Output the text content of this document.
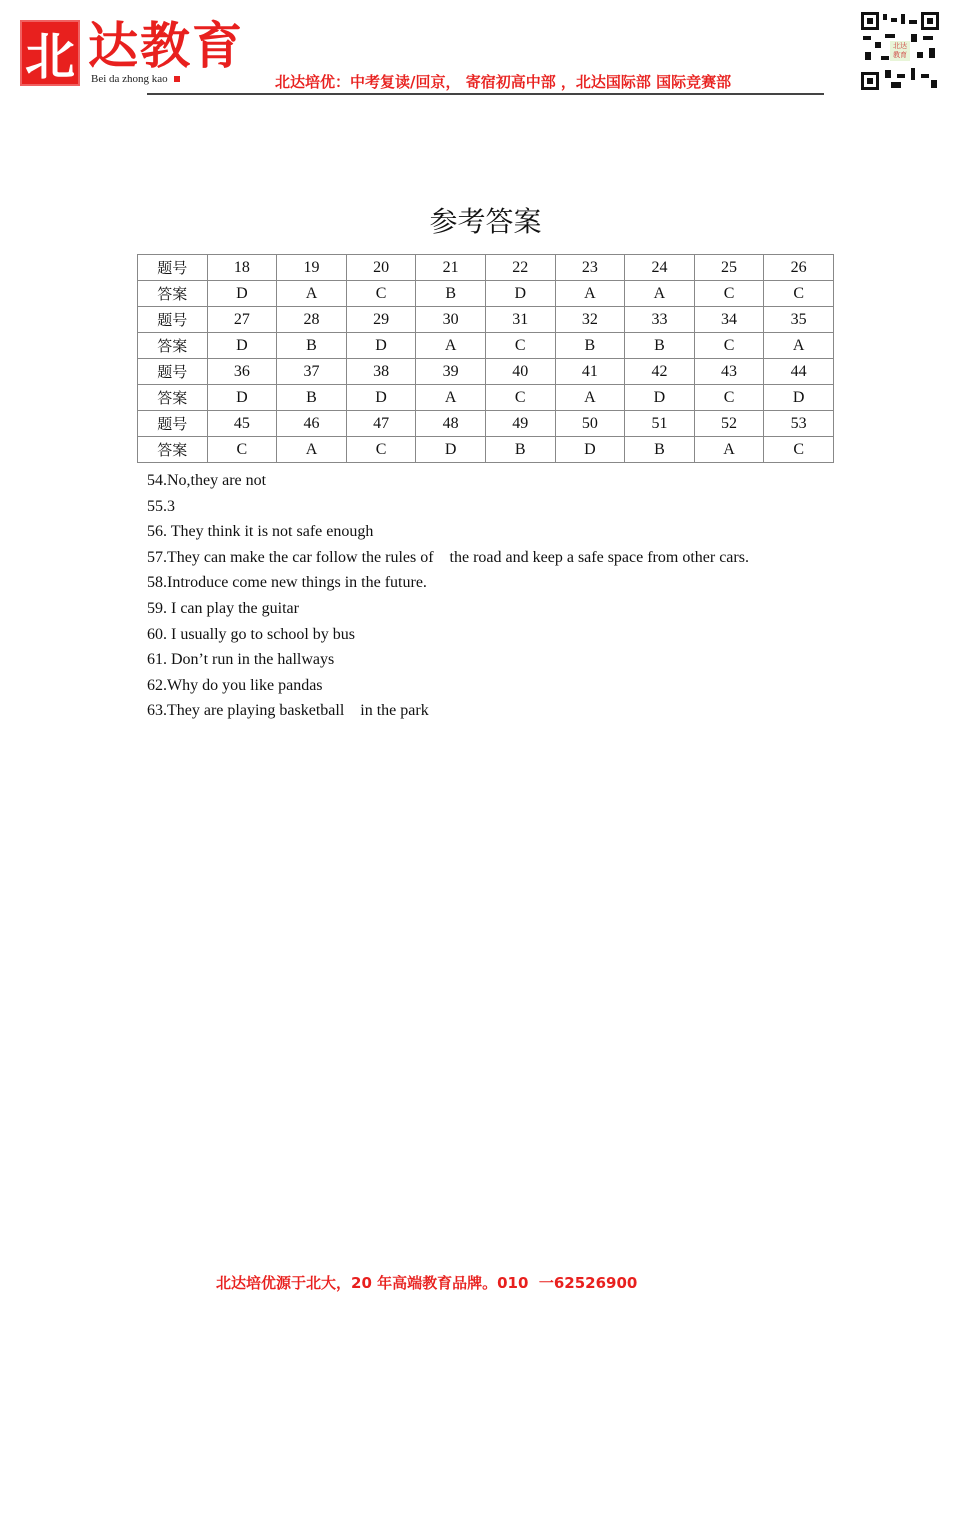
北 达教育
Bei da zhong kao	北达培优：中考复读/回京， 寄宿初高中部 ，北达国际部 国际竞赛部
北达教育
参考答案
题号	18	19	20	21	22	23	24	25	26
答案	D	A	C	B	D	A	A	C	C
题号	27	28	29	30	31	32	33	34	35
答案	D	B	D	A	C	B	B	C	A
题号	36	37	38	39	40	41	42	43	44
答案	D	B	D	A	C	A	D	C	D
题号	45	46	47	48	49	50	51	52	53
答案	C	A	C	D	B	D	B	A	C
54.No,they are not
55.3
56. They think it is not safe enough
57.They can make the car follow the rules of    the road and keep a safe space from other cars.
58.Introduce come new things in the future.
59. I can play the guitar
60. I usually go to school by bus
61. Don’t run in the hallways
62.Why do you like pandas
63.They are playing basketball    in the park
北达培优源于北大，20 年高端教育品牌。010  一62526900
